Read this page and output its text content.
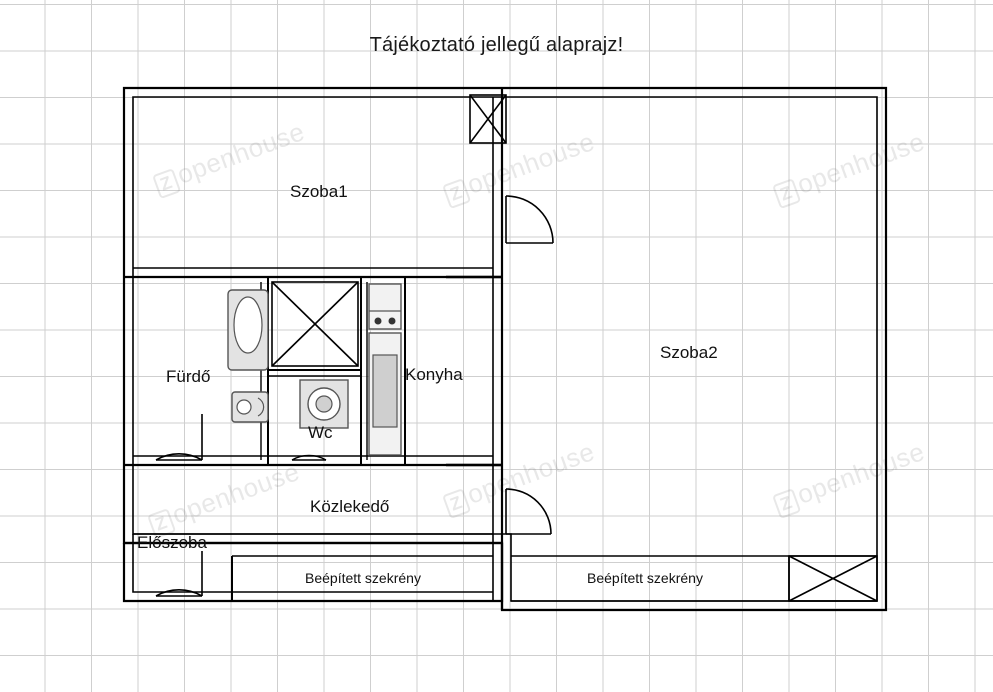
Zopenhouse
Zopenhouse	Zopenhouse
Zopenhouse	Zopenhouse
Zopenhouse
Tájékoztató jellegű alaprajz!
Szoba1
Szoba2
Fürdő
Wc
Konyha
Közlekedő
Előszoba
Beépített szekrény	Beépített szekrény
